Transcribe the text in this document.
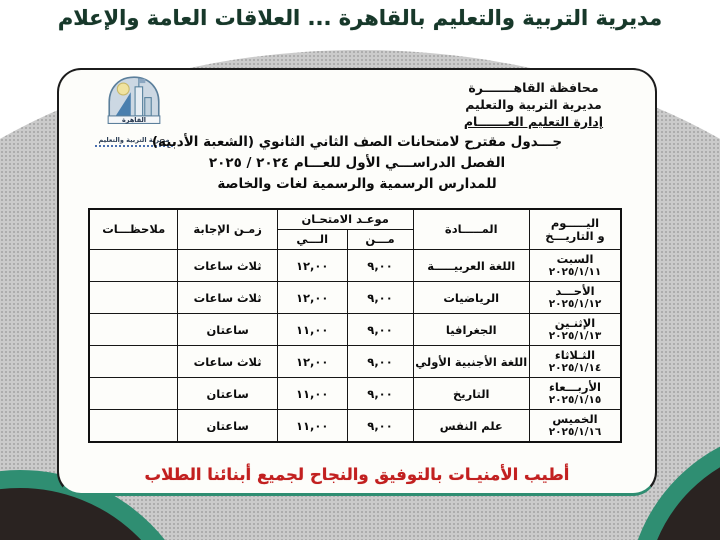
مديرية التربية والتعليم بالقاهرة ... العلاقات العامة والإعلام
القاهرة
مديرية التربية والتعليم
محافظة القاهـــــــرة
مديرية التربية والتعليم
إدارة التعليم العـــــــام
جـــدول مقترح لامتحانات الصف الثاني الثانوي (الشعبة الأدبية)
الفصل الدراســـي الأول للعـــام ٢٠٢٤ / ٢٠٢٥
للمدارس الرسمية والرسمية لغات والخاصة
اليـــــوم
و التاريـــخ	المـــــادة	موعـد الامتحـان		زمـن الإجابة	ملاحظـــات
		مـــن	الـــي		

السبت
٢٠٢٥/١/١١	اللغة العربيـــــة	٩,٠٠	١٢,٠٠	ثلاث ساعات	

الأحـــد
٢٠٢٥/١/١٢	الرياضيات	٩,٠٠	١٢,٠٠	ثلاث ساعات	

الإثنـين
٢٠٢٥/١/١٣	الجغرافيا	٩,٠٠	١١,٠٠	ساعتان	

الثـلاثاء
٢٠٢٥/١/١٤	اللغة الأجنبية الأولي	٩,٠٠	١٢,٠٠	ثلاث ساعات	

الأربـــعاء
٢٠٢٥/١/١٥	التاريخ	٩,٠٠	١١,٠٠	ساعتان	

الخميس
٢٠٢٥/١/١٦	علم النفس	٩,٠٠	١١,٠٠	ساعتان	
أطيب الأمنيـات بالتوفيق والنجاح لجميع أبنائنا الطلاب
